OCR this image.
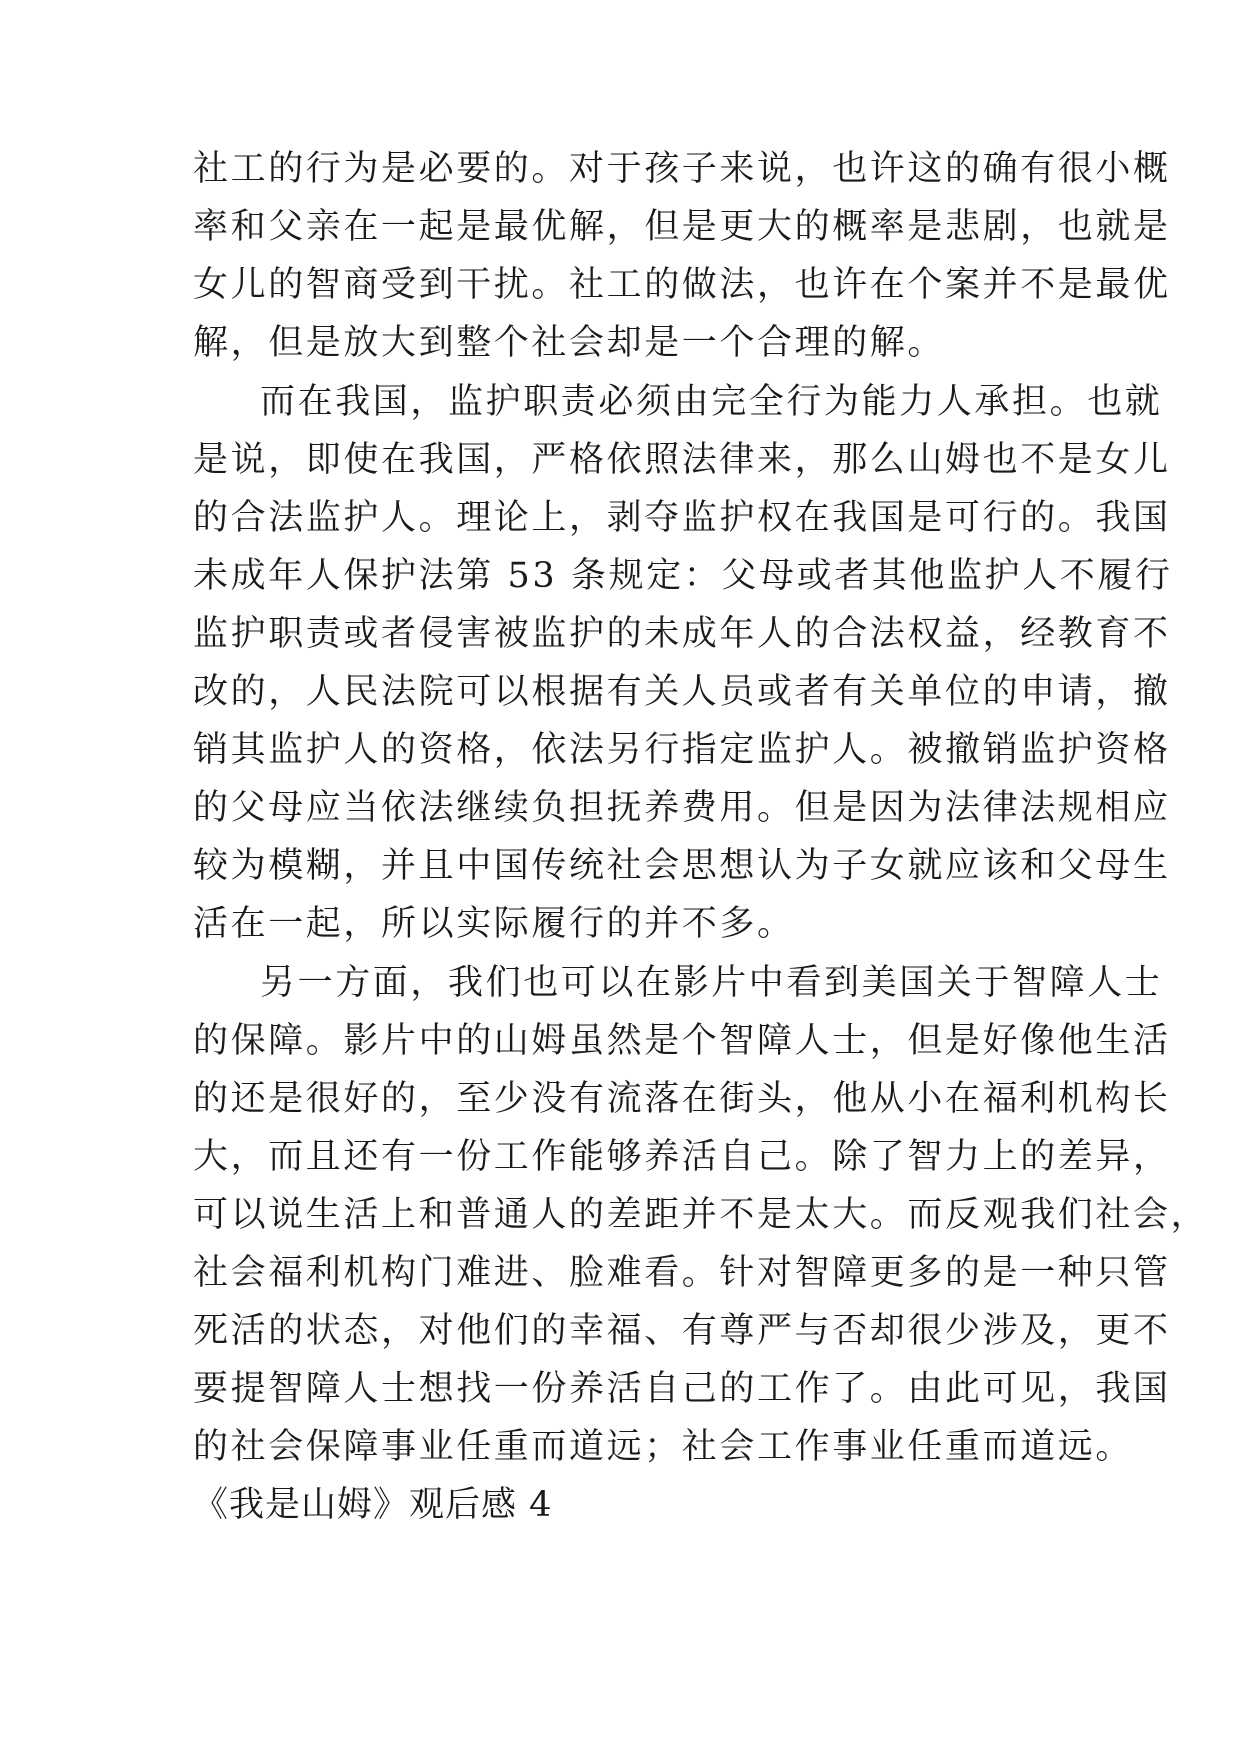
社工的行为是必要的。对于孩子来说，也许这的确有很小概
率和父亲在一起是最优解，但是更大的概率是悲剧，也就是
女儿的智商受到干扰。社工的做法，也许在个案并不是最优
解，但是放大到整个社会却是一个合理的解。
而在我国，监护职责必须由完全行为能力人承担。也就
是说，即使在我国，严格依照法律来，那么山姆也不是女儿
的合法监护人。理论上，剥夺监护权在我国是可行的。我国
未成年人保护法第 53 条规定：父母或者其他监护人不履行
监护职责或者侵害被监护的未成年人的合法权益，经教育不
改的，人民法院可以根据有关人员或者有关单位的申请，撤
销其监护人的资格，依法另行指定监护人。被撤销监护资格
的父母应当依法继续负担抚养费用。但是因为法律法规相应
较为模糊，并且中国传统社会思想认为子女就应该和父母生
活在一起，所以实际履行的并不多。
另一方面，我们也可以在影片中看到美国关于智障人士
的保障。影片中的山姆虽然是个智障人士，但是好像他生活
的还是很好的，至少没有流落在街头，他从小在福利机构长
大，而且还有一份工作能够养活自己。除了智力上的差异，
可以说生活上和普通人的差距并不是太大。而反观我们社会，
社会福利机构门难进、脸难看。针对智障更多的是一种只管
死活的状态，对他们的幸福、有尊严与否却很少涉及，更不
要提智障人士想找一份养活自己的工作了。由此可见，我国
的社会保障事业任重而道远；社会工作事业任重而道远。
《我是山姆》观后感 4
